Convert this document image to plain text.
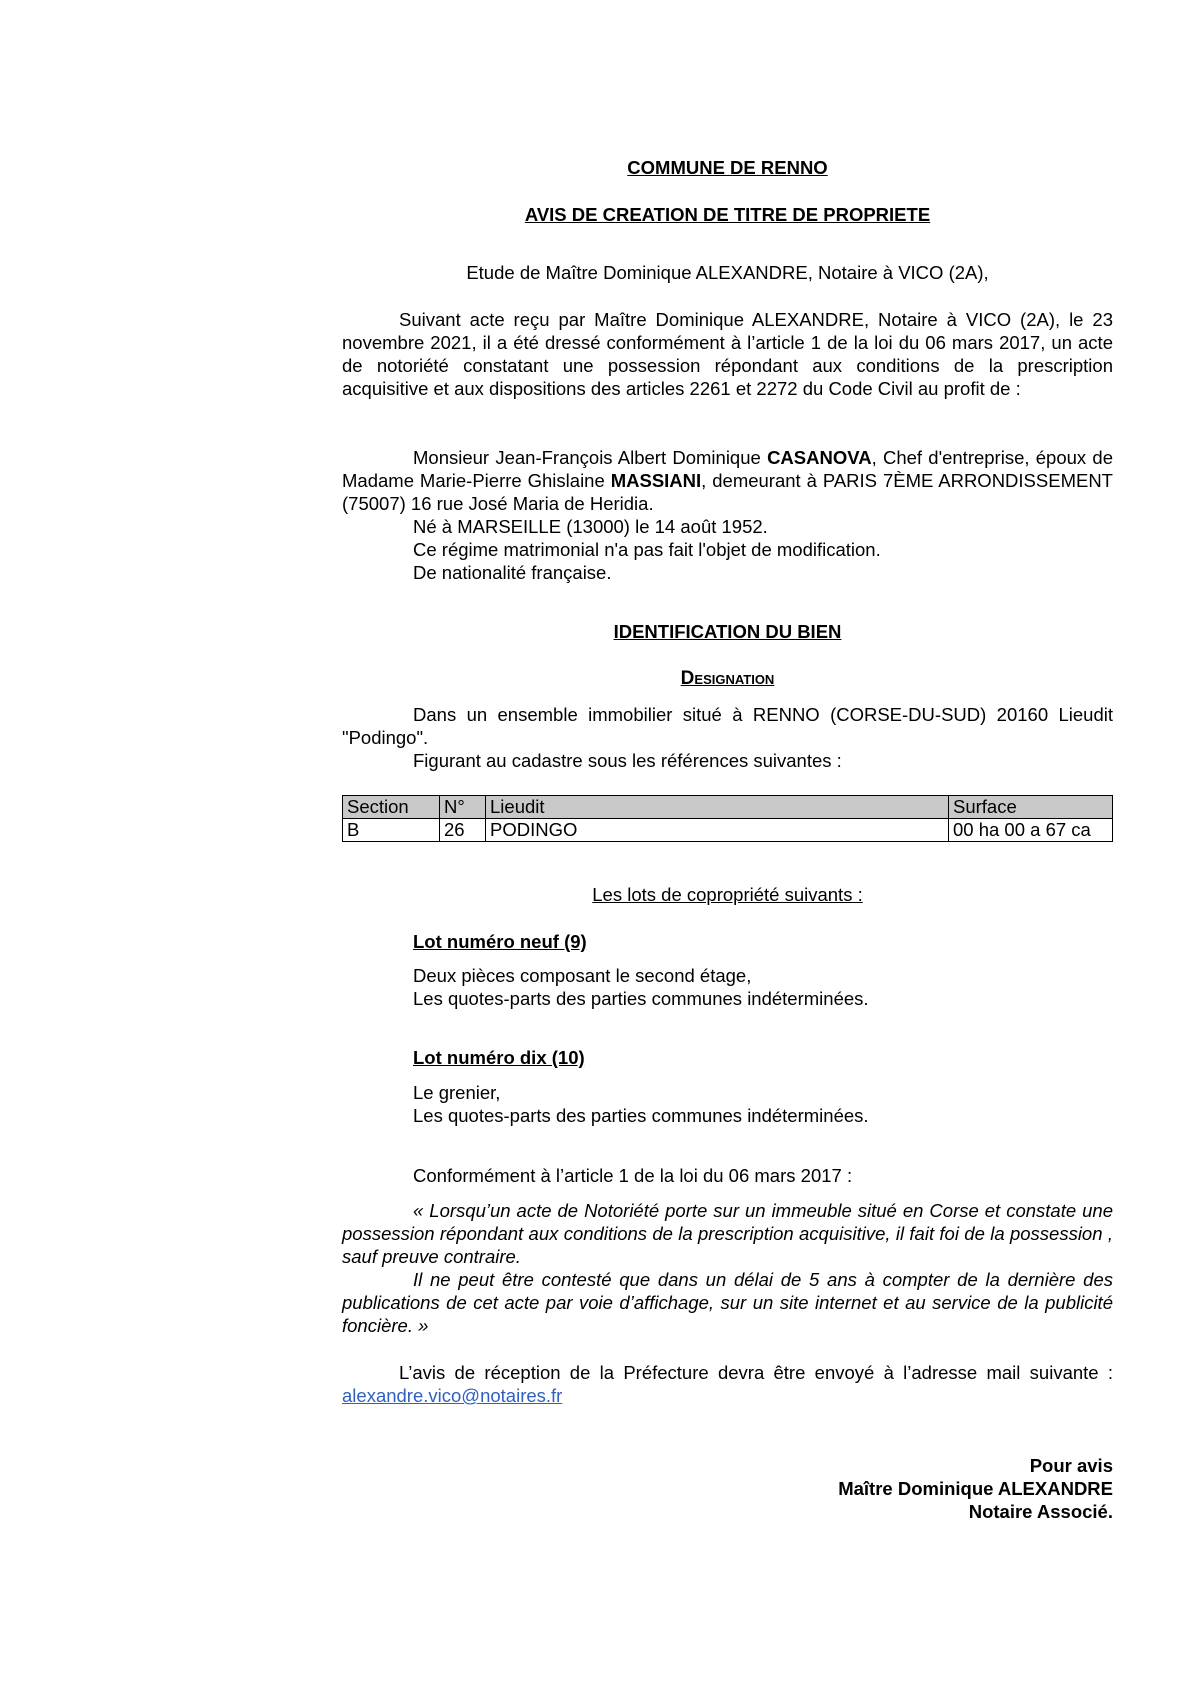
COMMUNE DE RENNO
AVIS DE CREATION DE TITRE DE PROPRIETE
Etude de Maître Dominique ALEXANDRE, Notaire à VICO (2A),

Suivant acte reçu par Maître Dominique ALEXANDRE, Notaire à VICO (2A), le 23 novembre 2021, il a été dressé conformément à l’article 1 de la loi du 06 mars 2017, un acte de notoriété constatant une possession répondant aux conditions de la prescription acquisitive et aux dispositions des articles 2261 et 2272 du Code Civil au profit de :

Monsieur Jean-François Albert Dominique CASANOVA, Chef d'entreprise, époux de Madame Marie-Pierre Ghislaine MASSIANI, demeurant à PARIS 7ÈME ARRONDISSEMENT (75007) 16 rue José Maria de Heridia.

Né à MARSEILLE (13000) le 14 août 1952.

Ce régime matrimonial n'a pas fait l'objet de modification.

De nationalité française.

IDENTIFICATION DU BIEN
Designation

Dans un ensemble immobilier situé à RENNO (CORSE-DU-SUD) 20160 Lieudit "Podingo".

Figurant au cadastre sous les références suivantes :

Section	N°	Lieudit	Surface
B	26	PODINGO	00 ha 00 a 67 ca
Les lots de copropriété suivants :
Lot numéro neuf (9)
Deux pièces composant le second étage,
Les quotes-parts des parties communes indéterminées.
Lot numéro dix (10)
Le grenier,
Les quotes-parts des parties communes indéterminées.
Conformément à l’article 1 de la loi du 06 mars 2017 :

« Lorsqu’un acte de Notoriété porte sur un immeuble situé en Corse et constate une possession répondant aux conditions de la prescription acquisitive, il fait foi de la possession , sauf preuve contraire.

Il ne peut être contesté que dans un délai de 5 ans à compter de la dernière des publications de cet acte par voie d’affichage, sur un site internet et au service de la publicité foncière. »

L’avis de réception de la Préfecture devra être envoyé à l’adresse mail suivante : alexandre.vico@notaires.fr

Pour avis
Maître Dominique ALEXANDRE
Notaire Associé.
